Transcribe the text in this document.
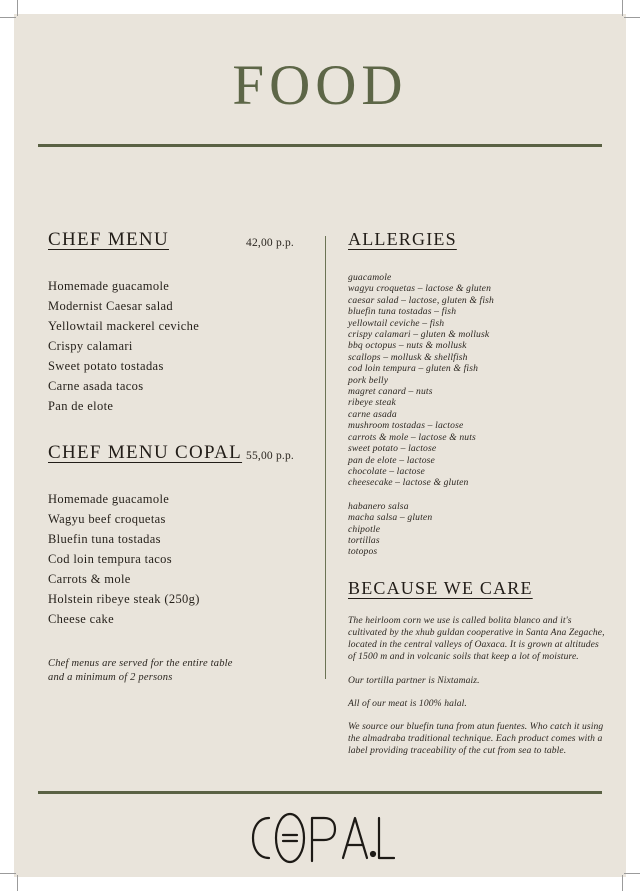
FOOD
CHEF MENU	42,00 p.p.
Homemade guacamole
Modernist Caesar salad
Yellowtail mackerel ceviche
Crispy calamari
Sweet potato tostadas
Carne asada tacos
Pan de elote
CHEF MENU COPAL 55,00 p.p.
Homemade guacamole
Wagyu beef croquetas
Bluefin tuna tostadas
Cod loin tempura tacos
Carrots & mole
Holstein ribeye steak (250g)
Cheese cake
Chef menus are served for the entire table
and a minimum of 2 persons
ALLERGIES
guacamole
wagyu croquetas – lactose & gluten
caesar salad – lactose, gluten & fish
bluefin tuna tostadas – fish
yellowtail ceviche – fish
crispy calamari – gluten & mollusk
bbq octopus – nuts & mollusk
scallops – mollusk & shellfish
cod loin tempura – gluten & fish
pork belly
magret canard – nuts
ribeye steak
carne asada
mushroom tostadas – lactose
carrots & mole – lactose & nuts
sweet potato – lactose
pan de elote – lactose
chocolate – lactose
cheesecake – lactose & gluten
habanero salsa
macha salsa – gluten
chipotle
tortillas
totopos
BECAUSE WE CARE

The heirloom corn we use is called bolita blanco and it's cultivated by the xhub guldan cooperative in Santa Ana Zegache, located in the central valleys of Oaxaca. It is grown at altitudes of 1500 m and in volcanic soils that keep a lot of moisture.

Our tortilla partner is Nixtamaiz.

All of our meat is 100% halal.

We source our bluefin tuna from atun fuentes. Who catch it using the almadraba traditional technique. Each product comes with a label providing traceability of the cut from sea to table.
